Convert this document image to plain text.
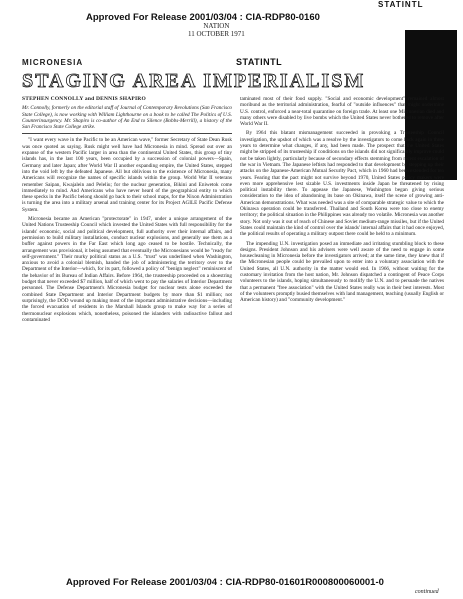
Approved For Release 2001/03/04 : CIA-RDP80-0160
STATINTL
NATION
11 OCTOBER 1971
MICRONESIA	STATINTL
STAGING AREA IMPERIALISM

STEPHEN CONNOLLY and DENNIS SHAPIRO

Mr. Connolly, formerly on the editorial staff of Journal of Contemporary Revolutions (San Francisco State College), is now working with William Lighthourne on a book to be called The Politics of U.S. Counterinsurgency. Mr. Shapiro is co-author of An End to Silence (Bobbs-Merrill), a history of the San Francisco State College strike.

"I want every wave in the Pacific to be an American wave," former Secretary of State Dean Rusk was once quoted as saying. Rusk might well have had Micronesia in mind. Spread out over an expanse of the western Pacific larger in area than the continental United States, this group of tiny islands has, in the last 100 years, been occupied by a succession of colonial powers—Spain, Germany and later Japan; after World War II another expanding empire, the United States, stepped into the void left by the defeated Japanese. All but oblivious to the existence of Micronesia, many Americans will recognize the names of specific islands within the group. World War II veterans remember Saipan, Kwajalein and Peleliu; for the nuclear generation, Bikini and Eniwetok come immediately to mind. And Americans who have never heard of the geographical entity to which these specks in the Pacific belong should go back to their school maps, for the Nixon Administration is turning the area into a military arsenal and training center for its Project AGILE Pacific Defense System.

Micronesia became an American "protectorate" in 1947, under a unique arrangement of the United Nations Trusteeship Council which invested the United States with full responsibility for the islands' economic, social and political development, full authority over their internal affairs, and permission to build military installations, conduct nuclear explosions, and generally use them as a buffer against powers in the Far East which long ago ceased to be hostile. Technically, the arrangement was provisional, it being assumed that eventually the Micronesians would be "ready for self-government." Their murky political status as a U.S. "trust" was underlined when Washington, anxious to avoid a colonial blemish, handed the job of administering the territory over to the Department of the Interior—which, for its part, followed a policy of "benign neglect" reminiscent of the behavior of its Bureau of Indian Affairs. Before 1964, the trusteeship proceeded on a shoestring budget that never exceeded $7 million, half of which went to pay the salaries of Interior Department personnel. The Defense Department's Micronesia budget for nuclear tests alone exceeded the combined State Department and Interior Department budgets by more than $1 million; not surprisingly, the DOD wound up making most of the important administrative decisions—including the forced evacuation of residents in the Marshall Islands group to make way for a series of thermonuclear explosions which, nonetheless, poisoned the islanders with radioactive fallout and contaminated

taminated most of their food supply. "Social and economic development" remained almost moribund as the territorial administration, fearful of "outside influences" that might undermine U.S. control, enforced a near-total quarantine on foreign trade. At least one Micronesian died and many others were disabled by live bombs which the United States never bothered to remove after World War II.

By 1964 this blatant mismanagement succeeded in provoking a Trusteeship Council investigation, the upshot of which was a resolve by the investigators to come back again in three years to determine what changes, if any, had been made. The prospect that the United States might be stripped of its trusteeship if conditions on the islands did not significantly improve could not be taken lightly, particularly because of secondary effects stemming from recent escalation of the war in Vietnam. The Japanese leftists had responded to that development by stepping up their attacks on the Japanese-American Mutual Security Pact, which in 1960 had been extended for ten years. Fearing that the pact might not survive beyond 1970, United States policy makers were even more apprehensive lest sizable U.S. investments inside Japan be threatened by rising political instability there. To appease the Japanese, Washington began giving serious consideration to the idea of abandoning its base on Okinawa, itself the scene of growing anti-American demonstrations. What was needed was a site of comparable strategic value to which the Okinawa operation could be transferred. Thailand and South Korea were too close to enemy territory; the political situation in the Philippines was already too volatile. Micronesia was another story. Not only was it out of reach of Chinese and Soviet medium-range missiles, but if the United States could maintain the kind of control over the islands' internal affairs that it had once enjoyed, the political results of operating a military outpost there could be held to a minimum.

The impending U.N. investigation posed an immediate and irritating stumbling block to these designs. President Johnson and his advisers were well aware of the need to engage in some housecleaning in Micronesia before the investigators arrived; at the same time, they knew that if the Micronesian people could be prevailed upon to enter into a voluntary association with the United States, all U.N. authority in the matter would end. In 1966, without waiting for the customary invitation from the host nation, Mr. Johnson dispatched a contingent of Peace Corps volunteers to the islands, hoping simultaneously to mollify the U.N. and to persuade the natives that a permanent "free association" with the United States really was in their best interests. Most of the volunteers promptly busied themselves with land management, teaching (usually English or American history) and "community development."

Approved For Release 2001/03/04 : CIA-RDP80-01601R000800060001-0
continued
